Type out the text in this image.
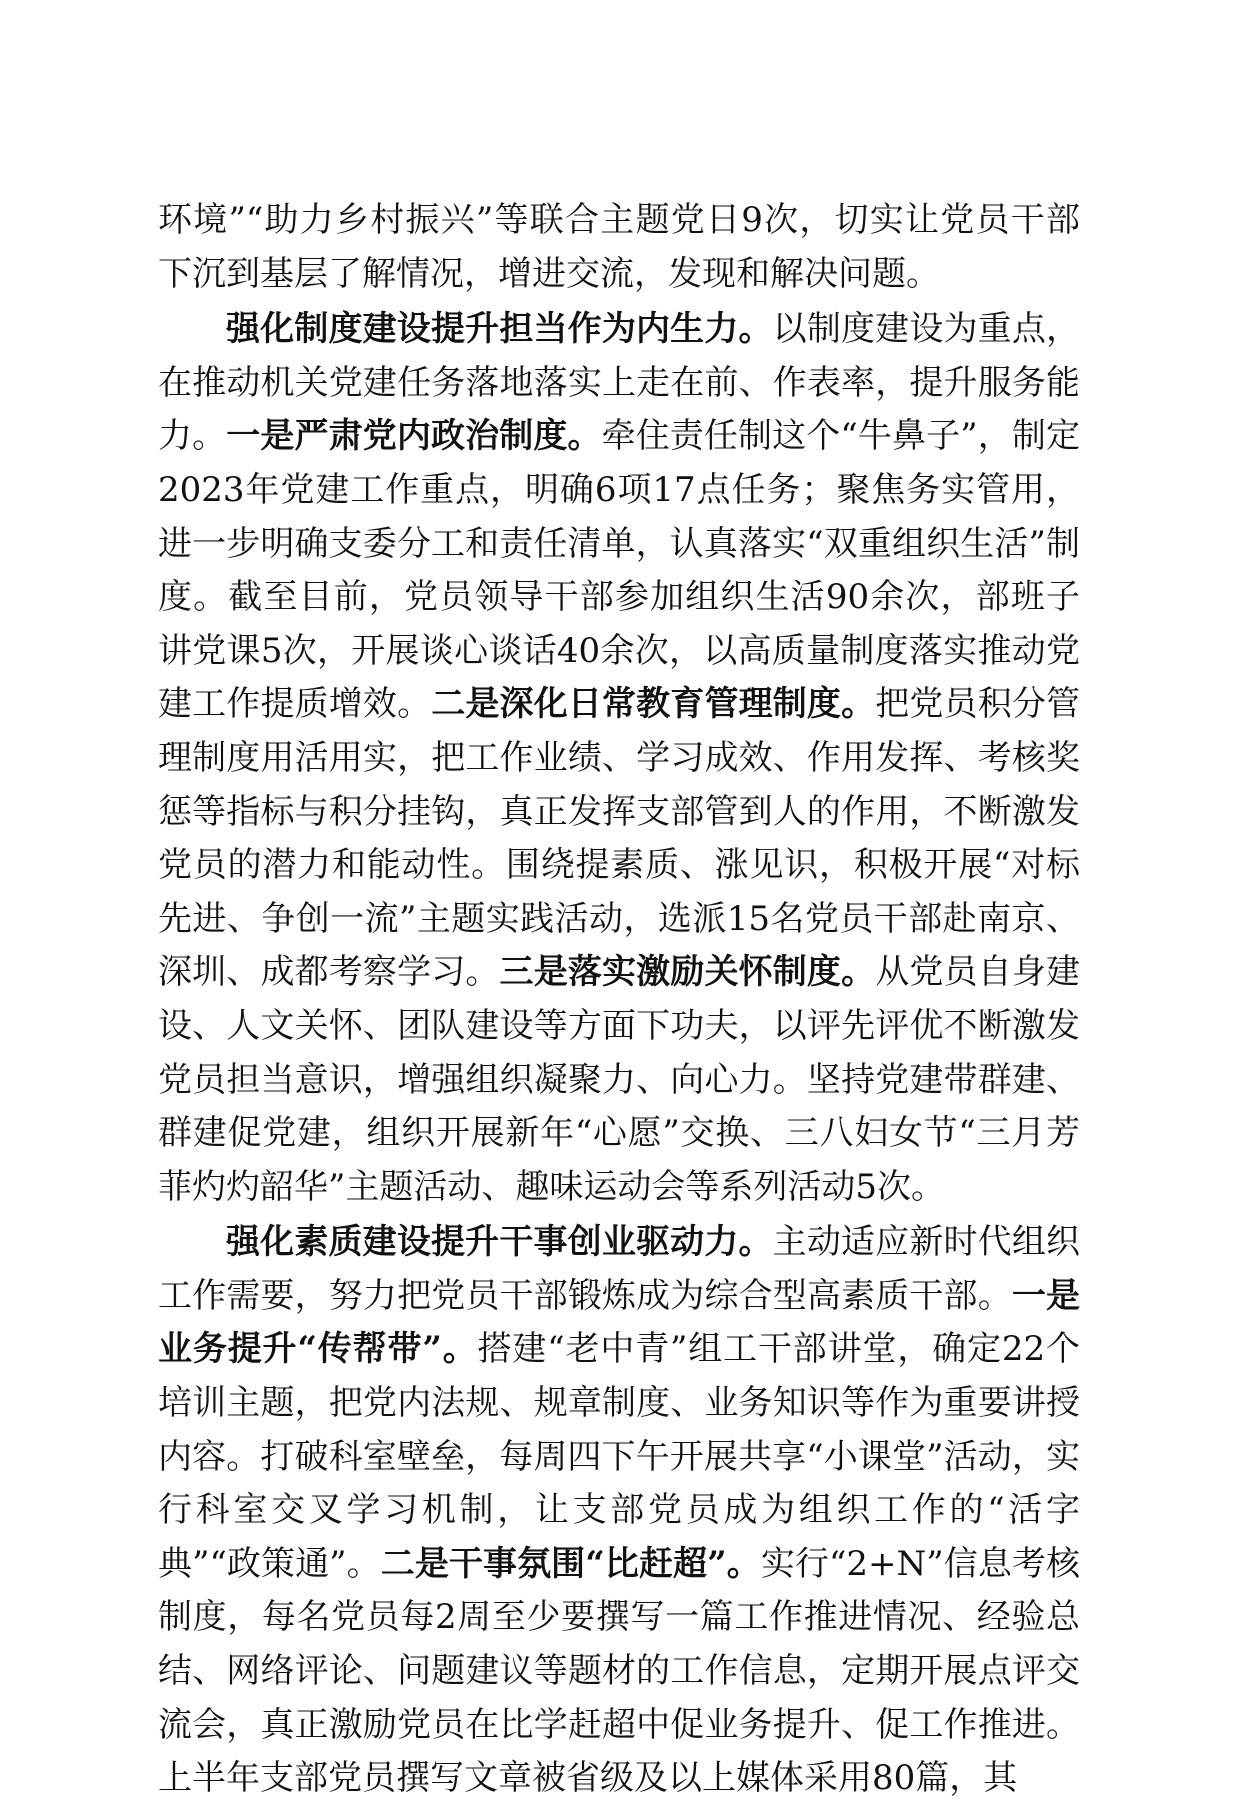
环境”“助力乡村振兴”等联合主题党日9次，切实让党员干部下沉到基层了解情况，增进交流，发现和解决问题。

强化制度建设提升担当作为内生力。以制度建设为重点，在推动机关党建任务落地落实上走在前、作表率，提升服务能力。一是严肃党内政治制度。牵住责任制这个“牛鼻子”，制定2023年党建工作重点，明确6项17点任务；聚焦务实管用，进一步明确支委分工和责任清单，认真落实“双重组织生活”制度。截至目前，党员领导干部参加组织生活90余次，部班子讲党课5次，开展谈心谈话40余次，以高质量制度落实推动党建工作提质增效。二是深化日常教育管理制度。把党员积分管理制度用活用实，把工作业绩、学习成效、作用发挥、考核奖惩等指标与积分挂钩，真正发挥支部管到人的作用，不断激发党员的潜力和能动性。围绕提素质、涨见识，积极开展“对标先进、争创一流”主题实践活动，选派15名党员干部赴南京、深圳、成都考察学习。三是落实激励关怀制度。从党员自身建设、人文关怀、团队建设等方面下功夫，以评先评优不断激发党员担当意识，增强组织凝聚力、向心力。坚持党建带群建、群建促党建，组织开展新年“心愿”交换、三八妇女节“三月芳菲灼灼韶华”主题活动、趣味运动会等系列活动5次。

强化素质建设提升干事创业驱动力。主动适应新时代组织工作需要，努力把党员干部锻炼成为综合型高素质干部。一是业务提升“传帮带”。搭建“老中青”组工干部讲堂，确定22个培训主题，把党内法规、规章制度、业务知识等作为重要讲授内容。打破科室壁垒，每周四下午开展共享“小课堂”活动，实行科室交叉学习机制，让支部党员成为组织工作的“活字典”“政策通”。二是干事氛围“比赶超”。实行“2+N”信息考核制度，每名党员每2周至少要撰写一篇工作推进情况、经验总结、网络评论、问题建议等题材的工作信息，定期开展点评交流会，真正激励党员在比学赶超中促业务提升、促工作推进。上半年支部党员撰写文章被省级及以上媒体采用80篇，其
